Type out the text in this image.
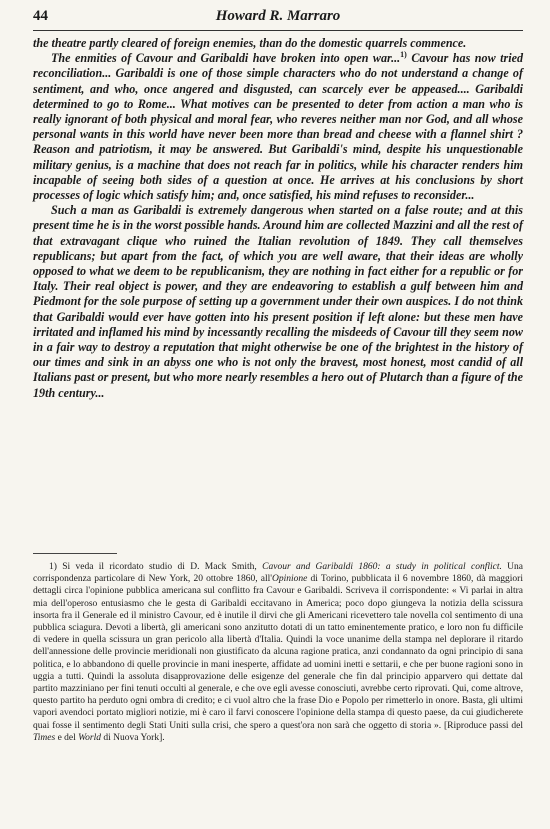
44	Howard R. Marraro

the theatre partly cleared of foreign enemies, than do the domestic quarrels commence.

The enmities of Cavour and Garibaldi have broken into open war...$^{1)}$ Cavour has now tried reconciliation... Garibaldi is one of those simple characters who do not understand a change of sentiment, and who, once angered and disgusted, can scarcely ever be appeased.... Garibaldi determined to go to Rome... What motives can be presented to deter from action a man who is really ignorant of both physical and moral fear, who reveres neither man nor God, and all whose personal wants in this world have never been more than bread and cheese with a flannel shirt ? Reason and patriotism, it may be answered. But Garibaldi's mind, despite his unquestionable military genius, is a machine that does not reach far in politics, while his character renders him incapable of seeing both sides of a question at once. He arrives at his conclusions by short processes of logic which satisfy him; and, once satisfied, his mind refuses to reconsider...

Such a man as Garibaldi is extremely dangerous when started on a false route; and at this present time he is in the worst possible hands. Around him are collected Mazzini and all the rest of that extravagant clique who ruined the Italian revolution of 1849. They call themselves republicans; but apart from the fact, of which you are well aware, that their ideas are wholly opposed to what we deem to be republicanism, they are nothing in fact either for a republic or for Italy. Their real object is power, and they are endeavoring to establish a gulf between him and Piedmont for the sole purpose of setting up a government under their own auspices. I do not think that Garibaldi would ever have gotten into his present position if left alone: but these men have irritated and inflamed his mind by incessantly recalling the misdeeds of Cavour till they seem now in a fair way to destroy a reputation that might otherwise be one of the brightest in the history of our times and sink in an abyss one who is not only the bravest, most honest, most candid of all Italians past or present, but who more nearly resembles a hero out of Plutarch than a figure of the 19th century...

1) Si veda il ricordato studio di D. Mack Smith, Cavour and Garibaldi 1860: a study in political conflict. Una corrispondenza particolare di New York, 20 ottobre 1860, all'Opinione di Torino, pubblicata il 6 novembre 1860, dà maggiori dettagli circa l'opinione pubblica americana sul conflitto fra Cavour e Garibaldi. Scriveva il corrispondente: « Vi parlai in altra mia dell'operoso entusiasmo che le gesta di Garibaldi eccitavano in America; poco dopo giungeva la notizia della scissura insorta fra il Generale ed il ministro Cavour, ed è inutile il dirvi che gli Americani ricevettero tale novella col sentimento di una pubblica sciagura. Devoti a libertà, gli americani sono anzitutto dotati di un tatto eminentemente pratico, e loro non fu difficile di vedere in quella scissura un gran pericolo alla libertà d'Italia. Quindi la voce unanime della stampa nel deplorare il ritardo dell'annessione delle provincie meridionali non giustificato da alcuna ragione pratica, anzi condannato da ogni principio di sana politica, e lo abbandono di quelle provincie in mani inesperte, affidate ad uomini inetti e settarii, e che per buone ragioni sono in uggia a tutti. Quindi la assoluta disapprovazione delle esigenze del generale che fin dal principio apparvero qui dettate dal partito mazziniano per fini tenuti occulti al generale, e che ove egli avesse conosciuti, avrebbe certo riprovati. Qui, come altrove, questo partito ha perduto ogni ombra di credito; e ci vuol altro che la frase Dio e Popolo per rimetterlo in onore. Basta, gli ultimi vapori avendoci portato migliori notizie, mi è caro il farvi conoscere l'opinione della stampa di questo paese, da cui giudicherete quai fosse il sentimento degli Stati Uniti sulla crisi, che spero a quest'ora non sarà che oggetto di storia ». [Riproduce passi del Times e del World di Nuova York].
